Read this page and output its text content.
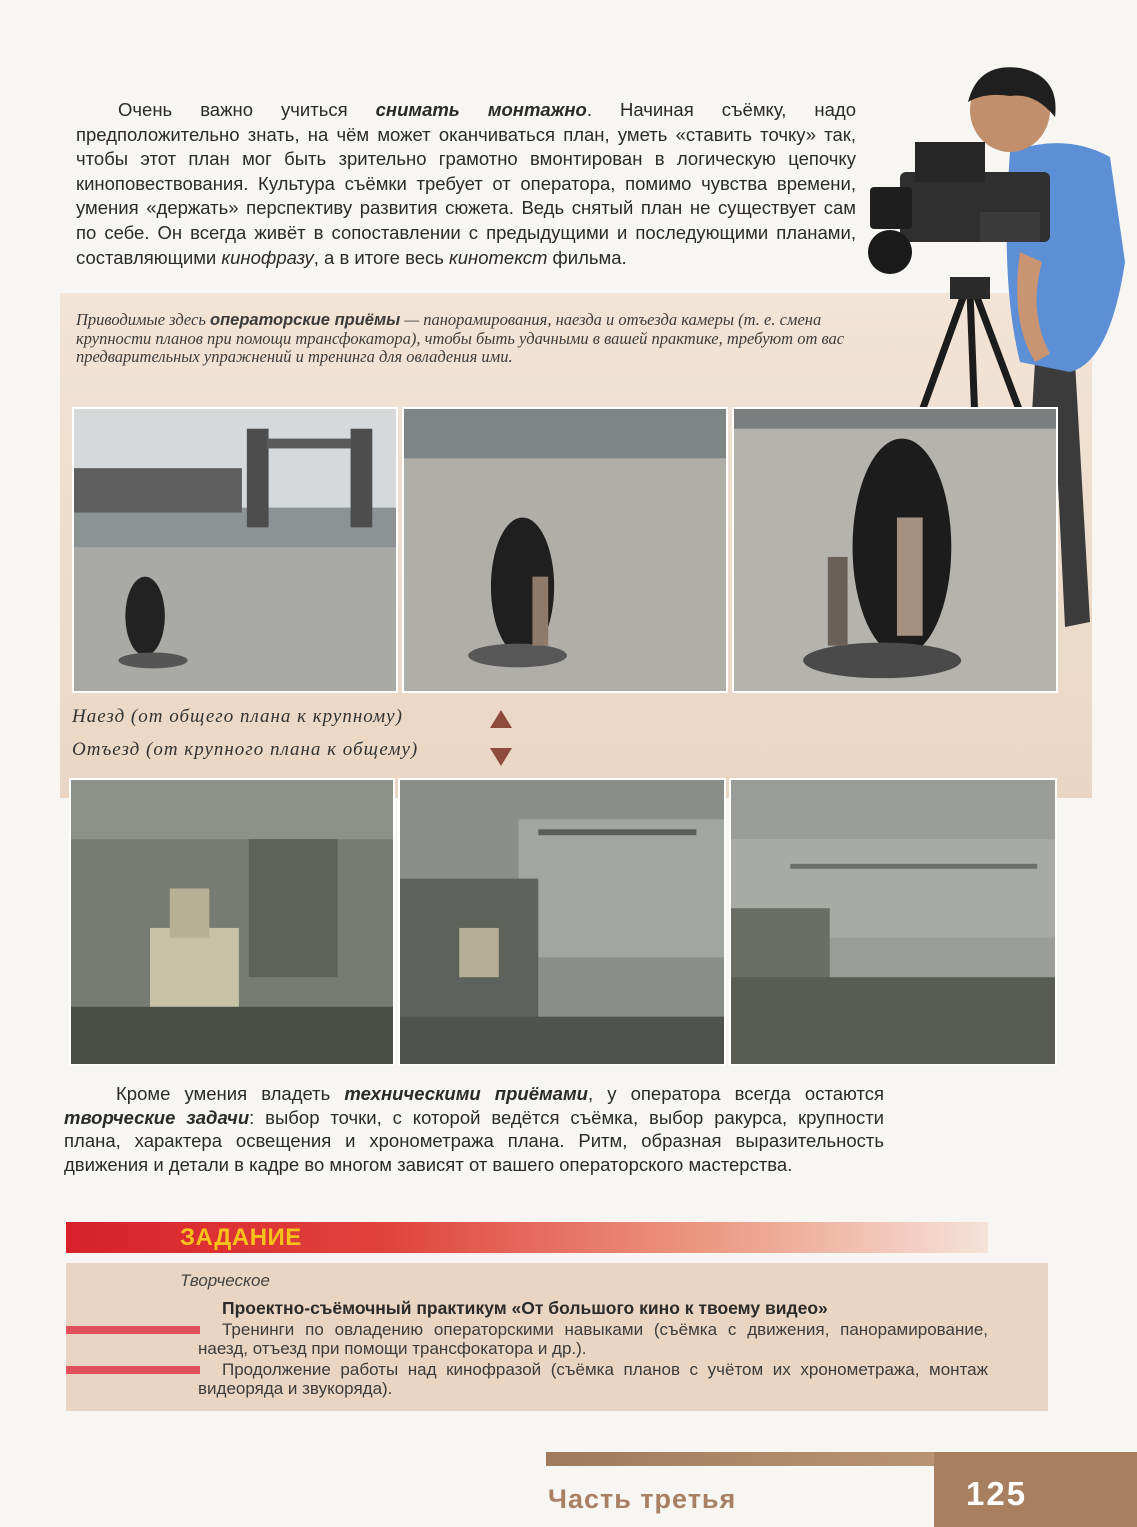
Очень важно учиться снимать монтажно. Начиная съёмку, надо предположительно знать, на чём может оканчиваться план, уметь «ставить точку» так, чтобы этот план мог быть зрительно грамотно вмонтирован в логическую цепочку киноповествования. Культура съёмки требует от оператора, помимо чувства времени, умения «держать» перспективу развития сюжета. Ведь снятый план не существует сам по себе. Он всегда живёт в сопоставлении с предыдущими и последующими планами, составляющими кинофразу, а в итоге весь кинотекст фильма.

Приводимые здесь операторские приёмы — панорамирования, наезда и отъезда камеры (т. е. смена крупности планов при помощи трансфокатора), чтобы быть удачными в вашей практике, требуют от вас предварительных упражнений и тренинга для овладения ими.
Наезд (от общего плана к крупному)
Отъезд (от крупного плана к общему)

Кроме умения владеть техническими приёмами, у оператора всегда остаются творческие задачи: выбор точки, с которой ведётся съёмка, выбор ракурса, крупности плана, характера освещения и хронометража плана. Ритм, образная выразительность движения и детали в кадре во многом зависят от вашего операторского мастерства.

ЗАДАНИЕ
Творческое
Проектно-съёмочный практикум «От большого кино к твоему видео»
Тренинги по овладению операторскими навыками (съёмка с движения, панорамирование, наезд, отъезд при помощи трансфокатора и др.).
Продолжение работы над кинофразой (съёмка планов с учётом их хронометража, монтаж видеоряда и звукоряда).
Часть третья	125
